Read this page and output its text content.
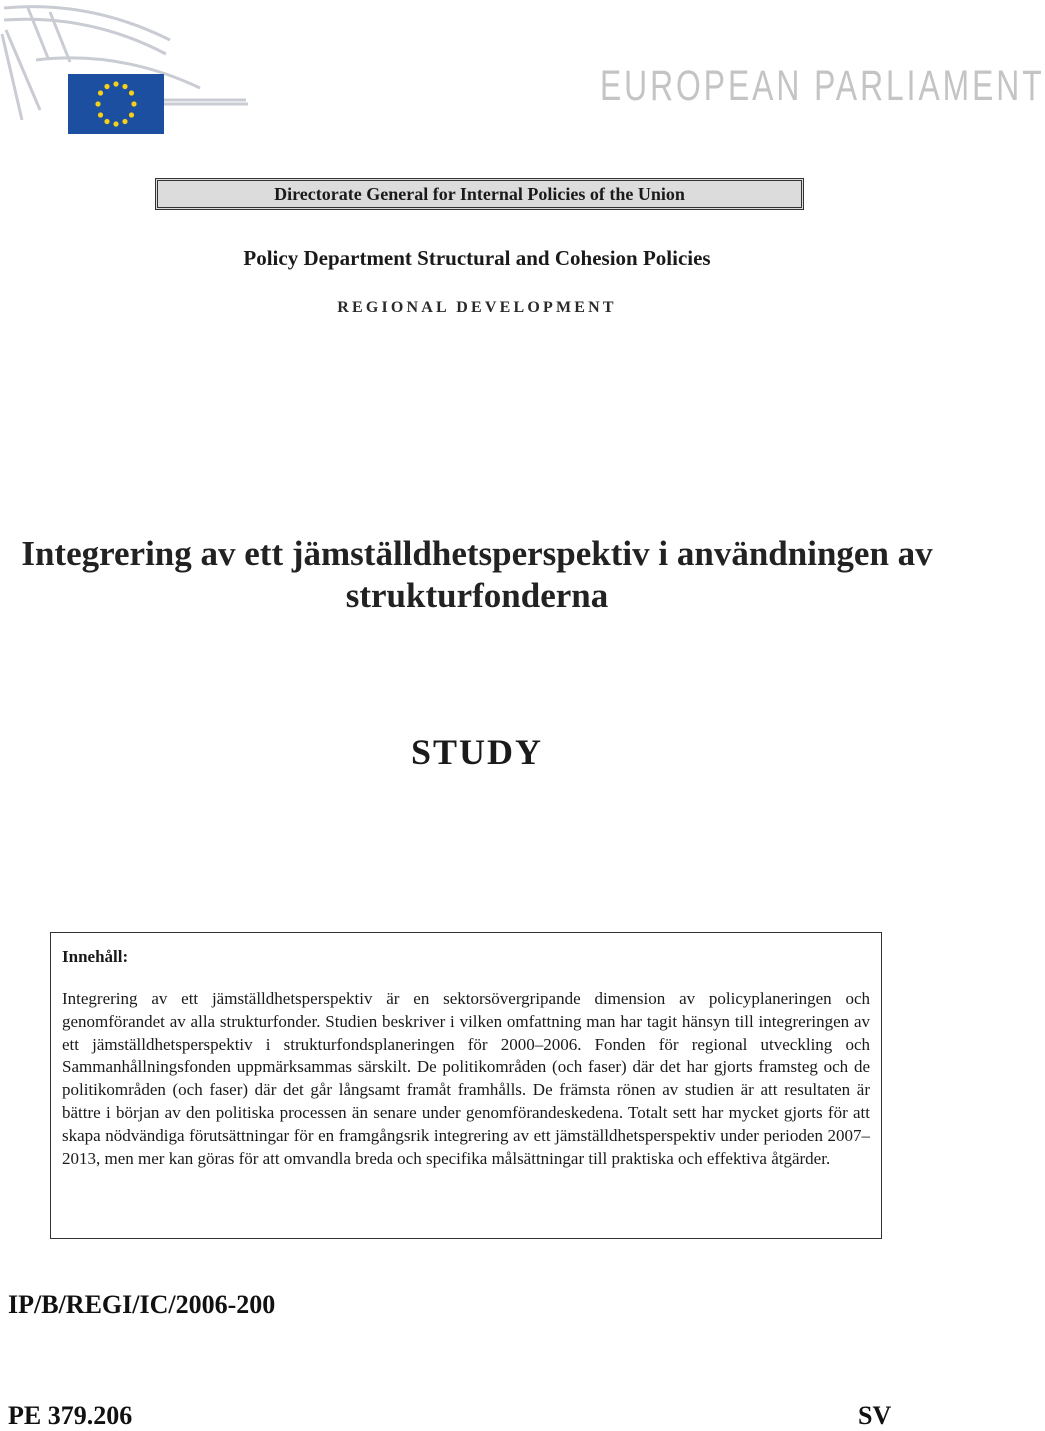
EUROPEAN PARLIAMENT
Directorate General for Internal Policies of the Union
Policy Department Structural and Cohesion Policies
REGIONAL DEVELOPMENT
Integrering av ett jämställdhetsperspektiv i användningen av
strukturfonderna
STUDY
Innehåll:
Integrering av ett jämställdhetsperspektiv är en sektorsövergripande dimension av policyplaneringen och genomförandet av alla strukturfonder. Studien beskriver i vilken omfattning man har tagit hänsyn till integreringen av ett jämställdhetsperspektiv i strukturfondsplaneringen för 2000–2006. Fonden för regional utveckling och Sammanhållningsfonden uppmärksammas särskilt. De politikområden (och faser) där det har gjorts framsteg och de politikområden (och faser) där det går långsamt framåt framhålls. De främsta rönen av studien är att resultaten är bättre i början av den politiska processen än senare under genomförandeskedena. Totalt sett har mycket gjorts för att skapa nödvändiga förutsättningar för en framgångsrik integrering av ett jämställdhetsperspektiv under perioden 2007–2013, men mer kan göras för att omvandla breda och specifika målsättningar till praktiska och effektiva åtgärder.
IP/B/REGI/IC/2006-200
PE 379.206	SV
